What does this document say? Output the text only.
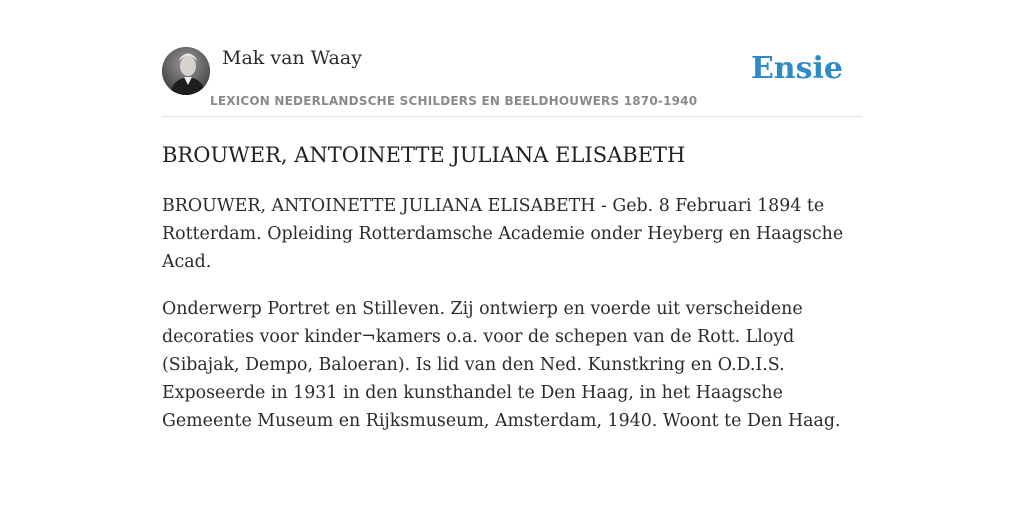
Mak van Waay
LEXICON NEDERLANDSCHE SCHILDERS EN BEELDHOUWERS 1870-1940
Ensie
BROUWER, ANTOINETTE JULIANA ELISABETH

BROUWER, ANTOINETTE JULIANA ELISABETH - Geb. 8 Februari 1894 te Rotterdam. Opleiding Rotterdamsche Academie onder Heyberg en Haagsche Acad.

Onderwerp Portret en Stilleven. Zij ontwierp en voerde uit verscheidene decoraties voor kinder¬kamers o.a. voor de schepen van de Rott. Lloyd (Sibajak, Dempo, Baloeran). Is lid van den Ned. Kunstkring en O.D.I.S. Exposeerde in 1931 in den kunsthandel te Den Haag, in het Haagsche Gemeente Museum en Rijksmuseum, Amsterdam, 1940. Woont te Den Haag.
